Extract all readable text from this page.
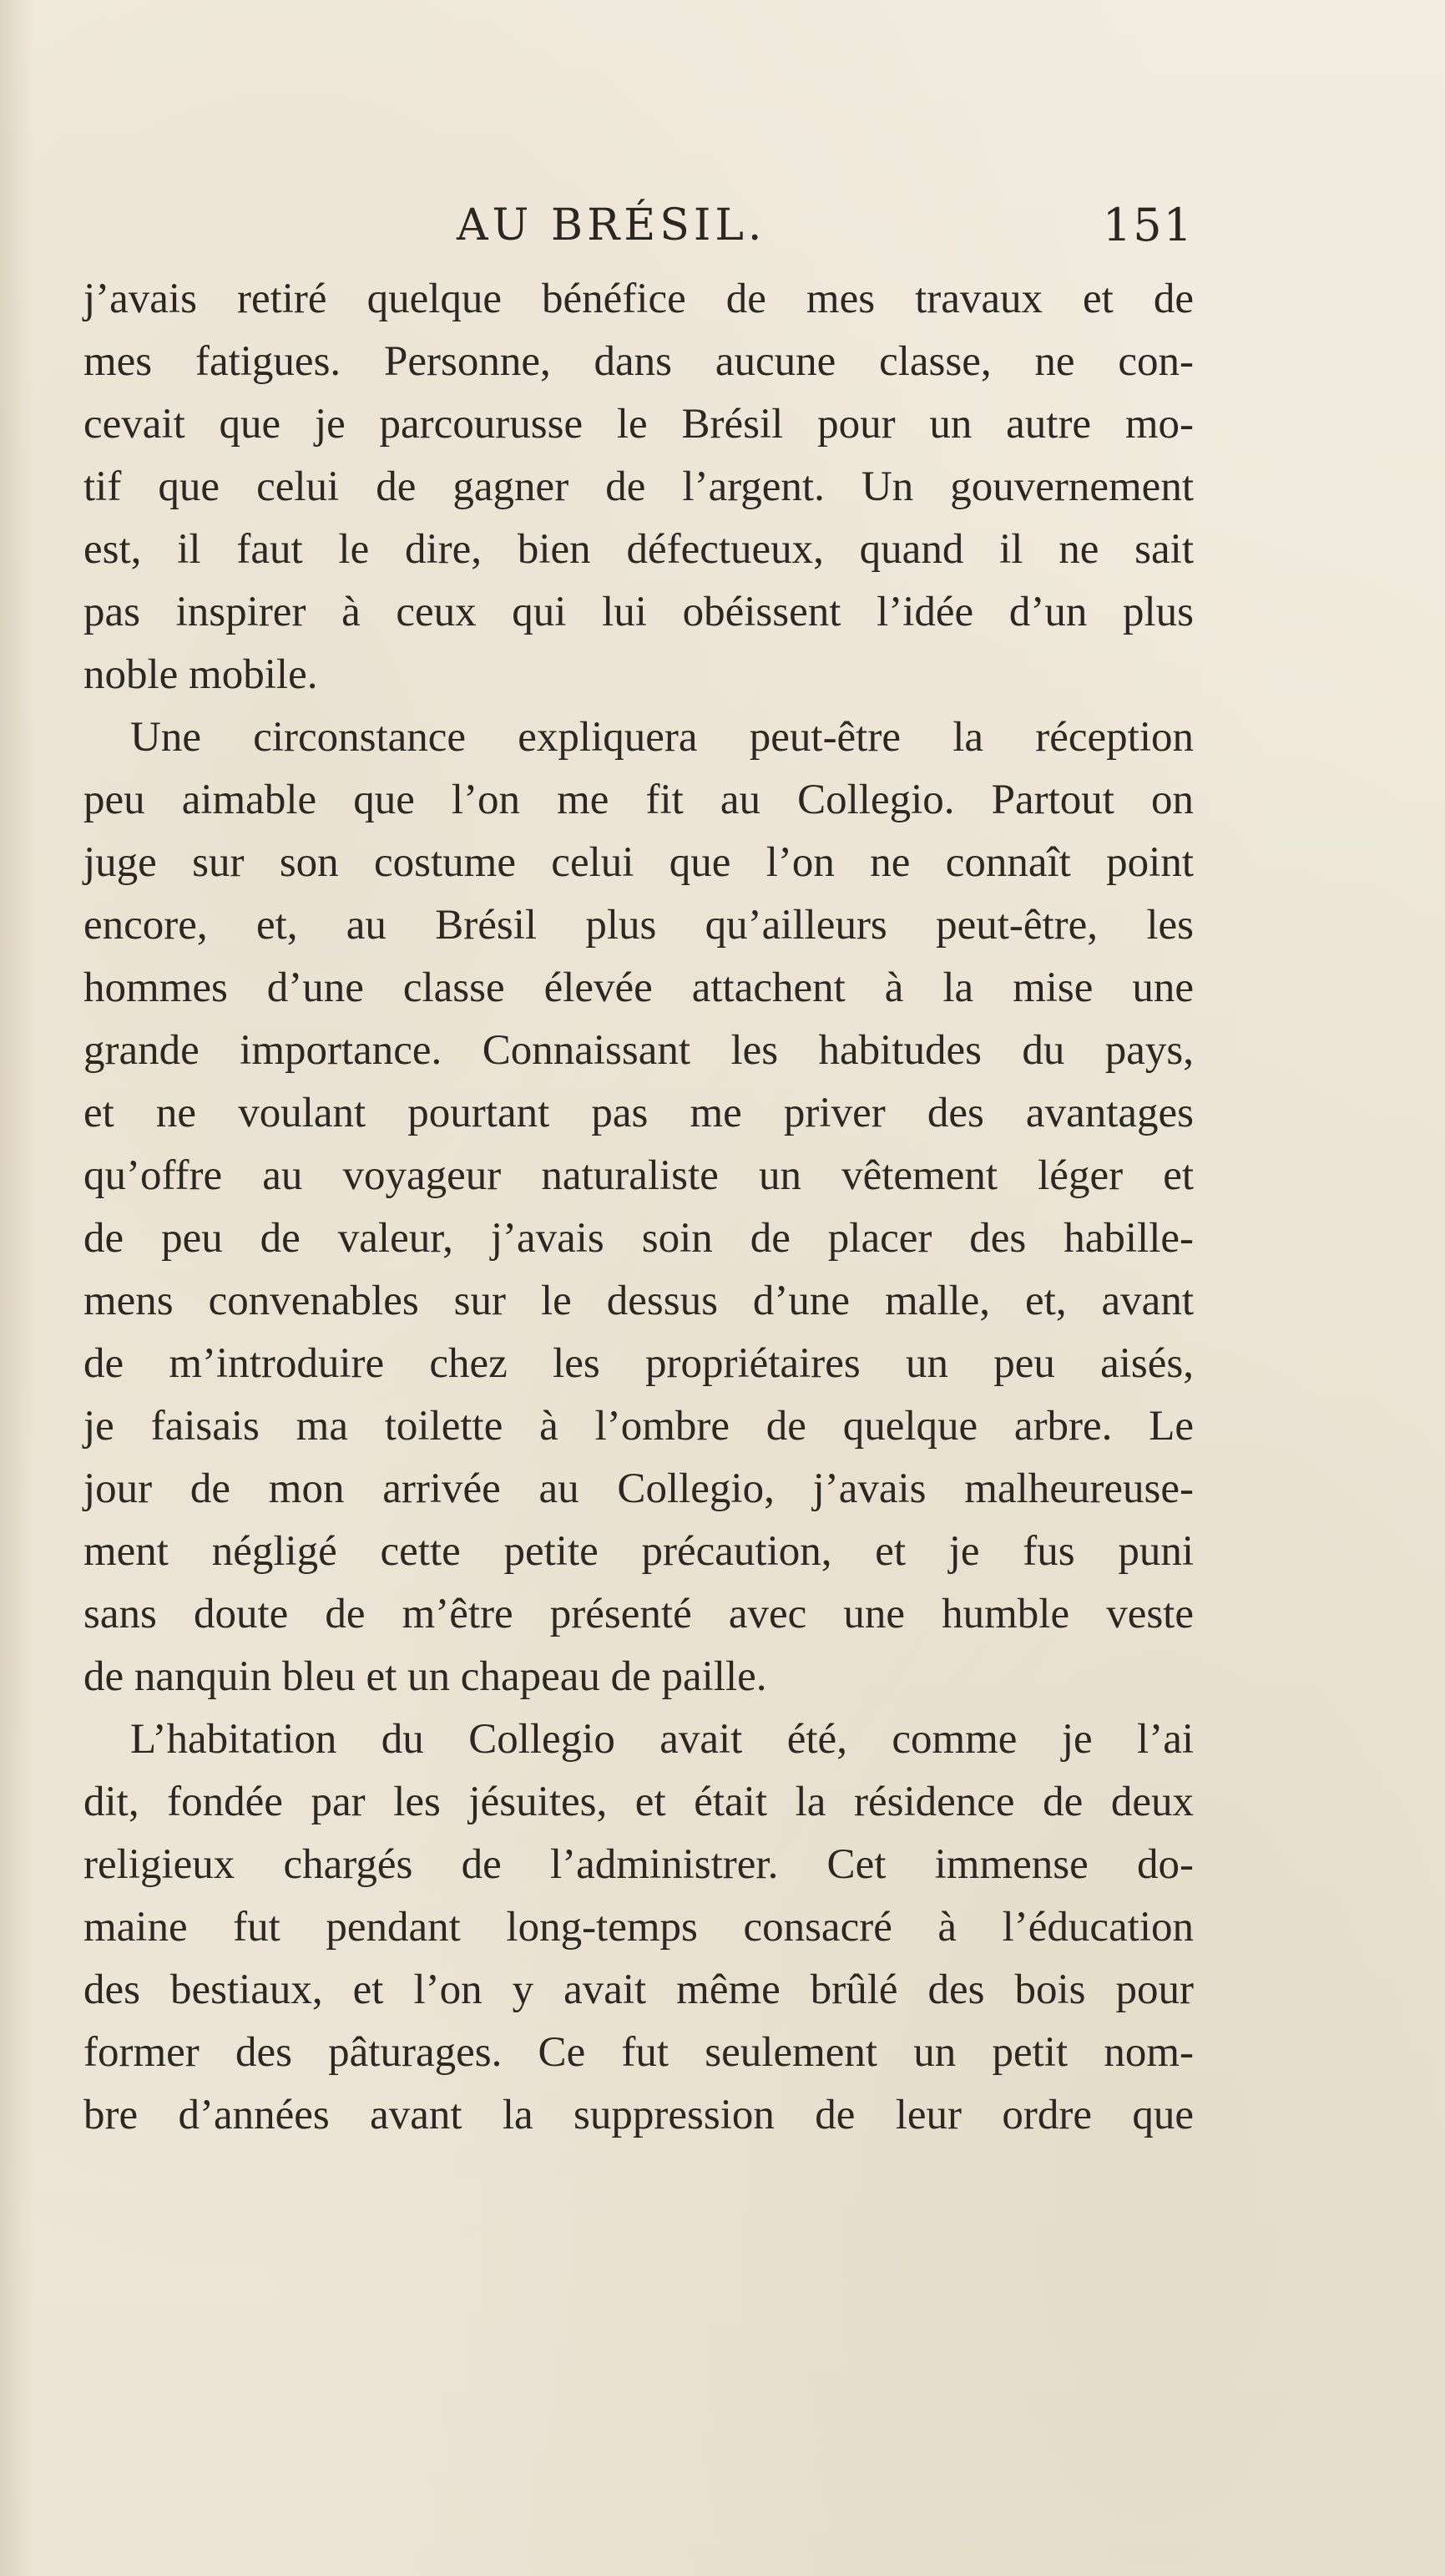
AU BRÉSIL.	151
j’avais retiré quelque bénéfice de mes travaux et de
mes fatigues. Personne, dans aucune classe, ne con-
cevait que je parcourusse le Brésil pour un autre mo-
tif que celui de gagner de l’argent. Un gouvernement
est, il faut le dire, bien défectueux, quand il ne sait
pas inspirer à ceux qui lui obéissent l’idée d’un plus
noble mobile.
Une circonstance expliquera peut-être la réception
peu aimable que l’on me fit au Collegio. Partout on
juge sur son costume celui que l’on ne connaît point
encore, et, au Brésil plus qu’ailleurs peut-être, les
hommes d’une classe élevée attachent à la mise une
grande importance. Connaissant les habitudes du pays,
et ne voulant pourtant pas me priver des avantages
qu’offre au voyageur naturaliste un vêtement léger et
de peu de valeur, j’avais soin de placer des habille-
mens convenables sur le dessus d’une malle, et, avant
de m’introduire chez les propriétaires un peu aisés,
je faisais ma toilette à l’ombre de quelque arbre. Le
jour de mon arrivée au Collegio, j’avais malheureuse-
ment négligé cette petite précaution, et je fus puni
sans doute de m’être présenté avec une humble veste
de nanquin bleu et un chapeau de paille.
L’habitation du Collegio avait été, comme je l’ai
dit, fondée par les jésuites, et était la résidence de deux
religieux chargés de l’administrer. Cet immense do-
maine fut pendant long-temps consacré à l’éducation
des bestiaux, et l’on y avait même brûlé des bois pour
former des pâturages. Ce fut seulement un petit nom-
bre d’années avant la suppression de leur ordre que
